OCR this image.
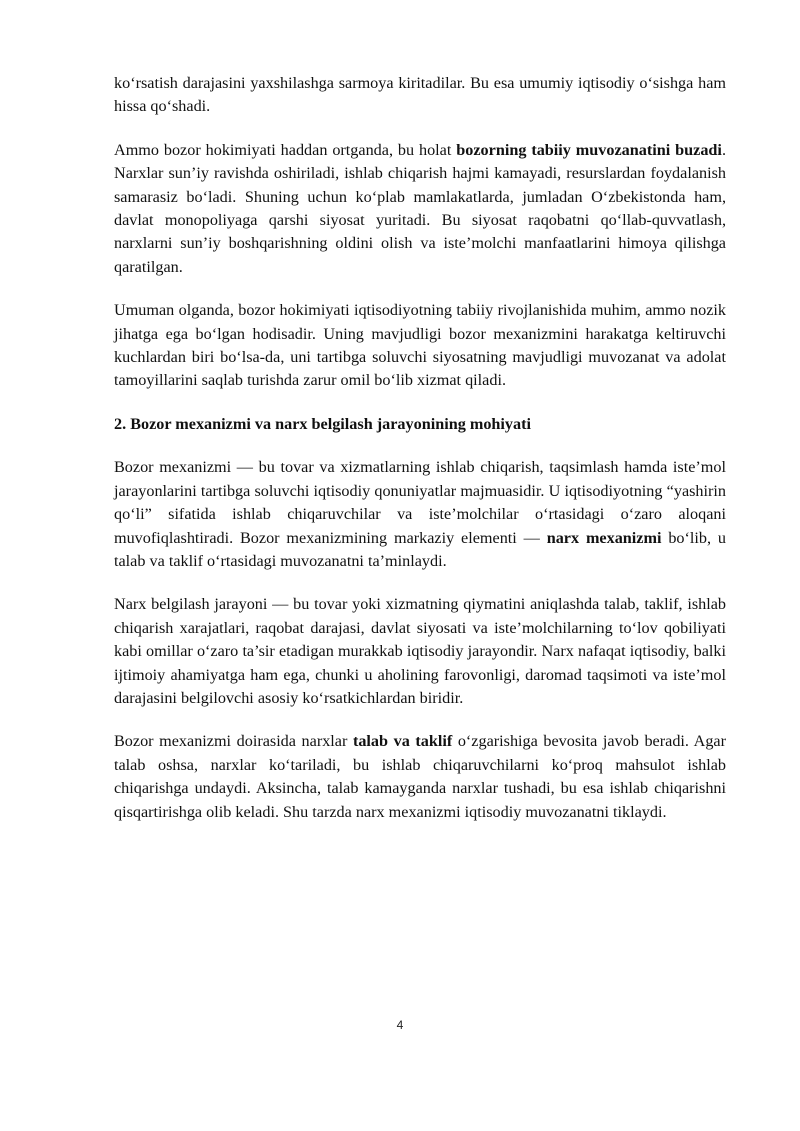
ko‘rsatish darajasini yaxshilashga sarmoya kiritadilar. Bu esa umumiy iqtisodiy o‘sishga ham hissa qo‘shadi.

Ammo bozor hokimiyati haddan ortganda, bu holat bozorning tabiiy muvozanatini buzadi. Narxlar sun’iy ravishda oshiriladi, ishlab chiqarish hajmi kamayadi, resurslardan foydalanish samarasiz bo‘ladi. Shuning uchun ko‘plab mamlakatlarda, jumladan O‘zbekistonda ham, davlat monopoliyaga qarshi siyosat yuritadi. Bu siyosat raqobatni qo‘llab-quvvatlash, narxlarni sun’iy boshqarishning oldini olish va iste’molchi manfaatlarini himoya qilishga qaratilgan.

Umuman olganda, bozor hokimiyati iqtisodiyotning tabiiy rivojlanishida muhim, ammo nozik jihatga ega bo‘lgan hodisadir. Uning mavjudligi bozor mexanizmini harakatga keltiruvchi kuchlardan biri bo‘lsa-da, uni tartibga soluvchi siyosatning mavjudligi muvozanat va adolat tamoyillarini saqlab turishda zarur omil bo‘lib xizmat qiladi.

2. Bozor mexanizmi va narx belgilash jarayonining mohiyati

Bozor mexanizmi — bu tovar va xizmatlarning ishlab chiqarish, taqsimlash hamda iste’mol jarayonlarini tartibga soluvchi iqtisodiy qonuniyatlar majmuasidir. U iqtisodiyotning “yashirin qo‘li” sifatida ishlab chiqaruvchilar va iste’molchilar o‘rtasidagi o‘zaro aloqani muvofiqlashtiradi. Bozor mexanizmining markaziy elementi — narx mexanizmi bo‘lib, u talab va taklif o‘rtasidagi muvozanatni ta’minlaydi.

Narx belgilash jarayoni — bu tovar yoki xizmatning qiymatini aniqlashda talab, taklif, ishlab chiqarish xarajatlari, raqobat darajasi, davlat siyosati va iste’molchilarning to‘lov qobiliyati kabi omillar o‘zaro ta’sir etadigan murakkab iqtisodiy jarayondir. Narx nafaqat iqtisodiy, balki ijtimoiy ahamiyatga ham ega, chunki u aholining farovonligi, daromad taqsimoti va iste’mol darajasini belgilovchi asosiy ko‘rsatkichlardan biridir.

Bozor mexanizmi doirasida narxlar talab va taklif o‘zgarishiga bevosita javob beradi. Agar talab oshsa, narxlar ko‘tariladi, bu ishlab chiqaruvchilarni ko‘proq mahsulot ishlab chiqarishga undaydi. Aksincha, talab kamayganda narxlar tushadi, bu esa ishlab chiqarishni qisqartirishga olib keladi. Shu tarzda narx mexanizmi iqtisodiy muvozanatni tiklaydi.

4
